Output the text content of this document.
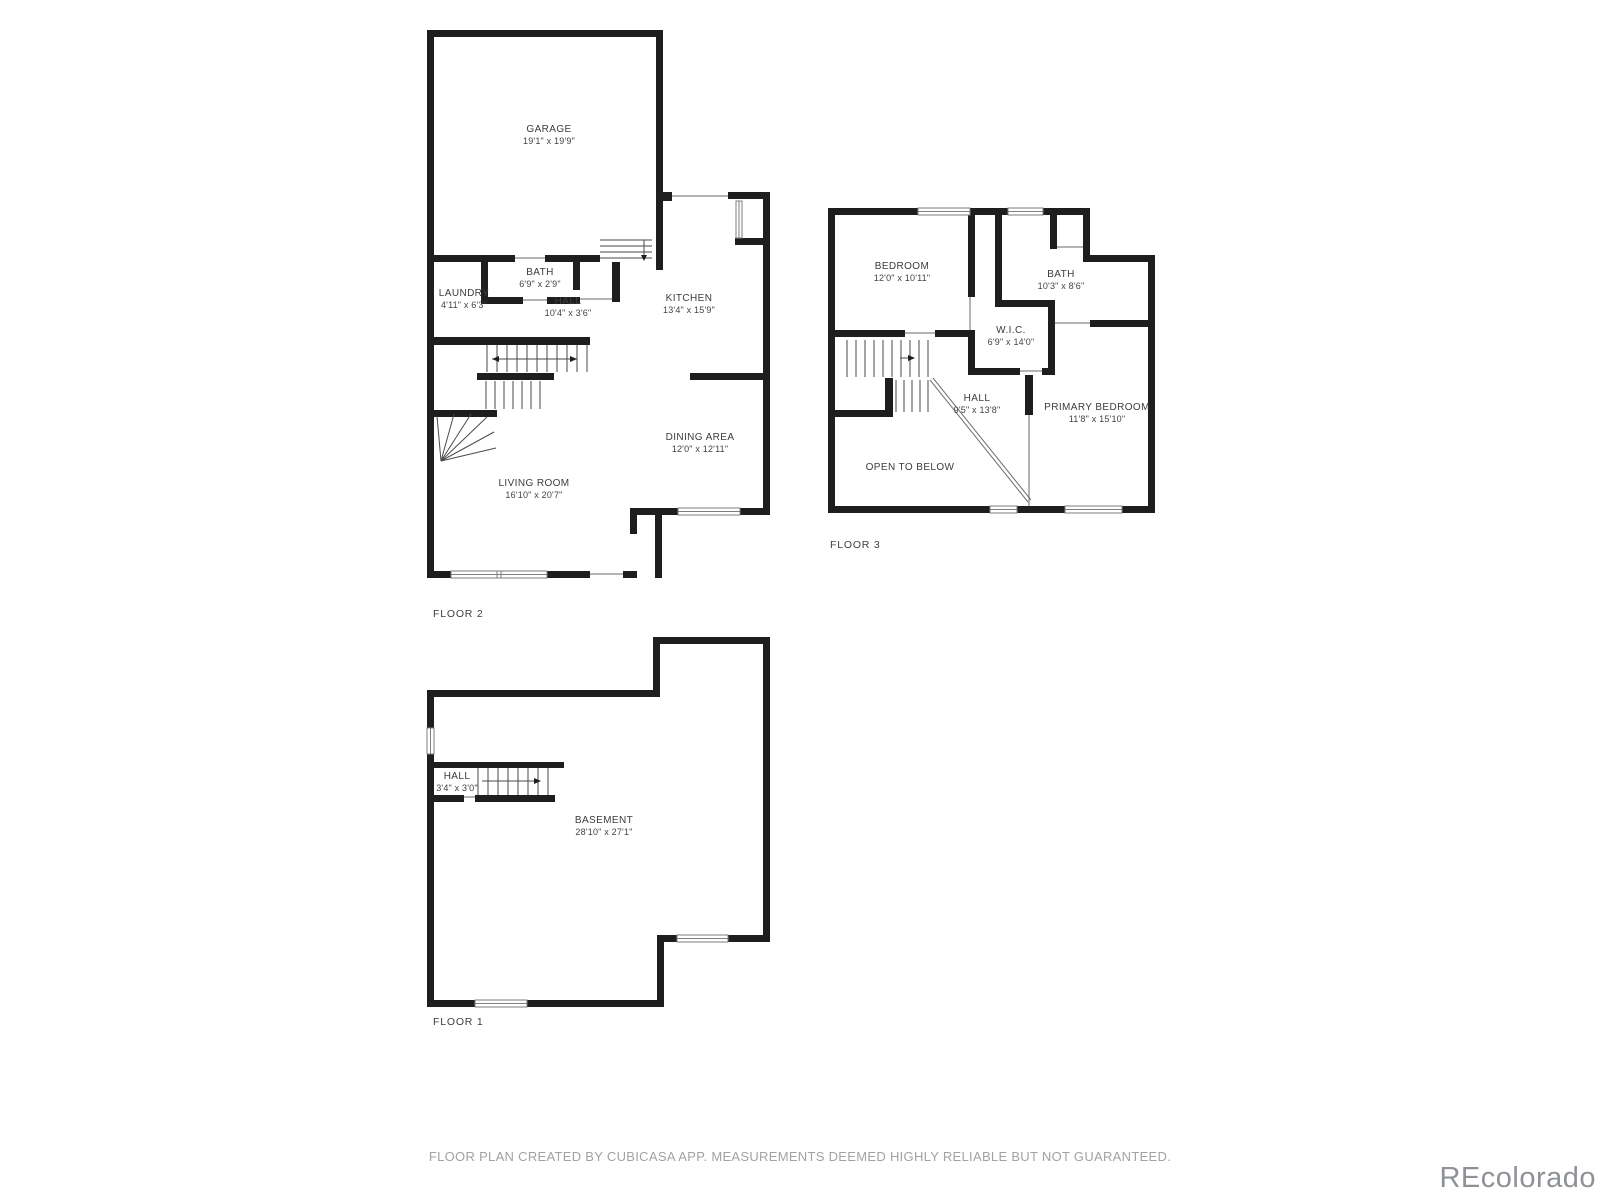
GARAGE
19'1" x 19'9"
LAUNDRY
4'11" x 6'3"
BATH
6'9" x 2'9"
HALL
10'4" x 3'6"
KITCHEN
13'4" x 15'9"
DINING AREA
12'0" x 12'11"
LIVING ROOM
16'10" x 20'7"
FLOOR 2
BEDROOM
12'0" x 10'11"	BATH
10'3" x 8'6"
W.I.C.
6'9" x 14'0"
HALL
9'5" x 13'8"	PRIMARY BEDROOM
11'8" x 15'10"
OPEN TO BELOW
FLOOR 3
HALL
3'4" x 3'0"
BASEMENT
28'10" x 27'1"
FLOOR 1
FLOOR PLAN CREATED BY CUBICASA APP. MEASUREMENTS DEEMED HIGHLY RELIABLE BUT NOT GUARANTEED.
REcolorado
